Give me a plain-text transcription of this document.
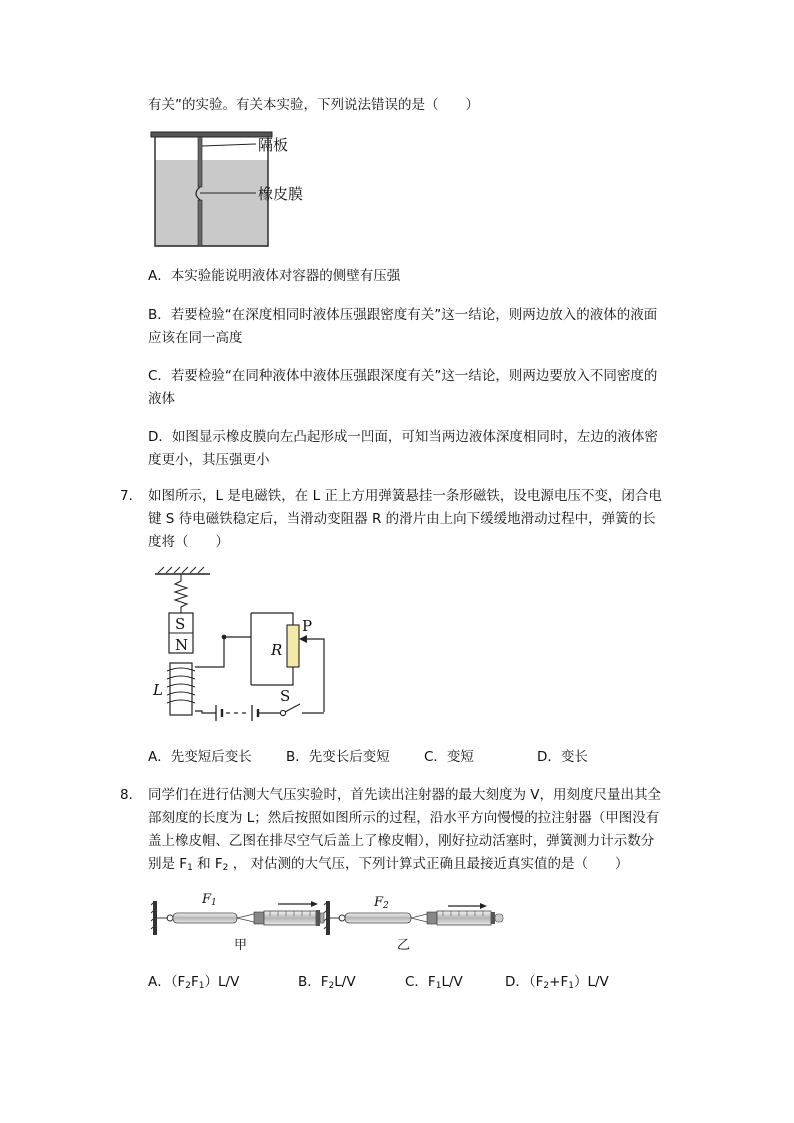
有关”的实验。有关本实验，下列说法错误的是（　　）
隔板
橡皮膜
A．本实验能说明液体对容器的侧壁有压强
B．若要检验“在深度相同时液体压强跟密度有关”这一结论，则两边放入的液体的液面
应该在同一高度
C．若要检验“在同种液体中液体压强跟深度有关”这一结论，则两边要放入不同密度的
液体
D．如图显示橡皮膜向左凸起形成一凹面，可知当两边液体深度相同时，左边的液体密
度更小，其压强更小
7． 如图所示，L 是电磁铁，在 L 正上方用弹簧悬挂一条形磁铁，设电源电压不变，闭合电
键 S 待电磁铁稳定后，当滑动变阻器 R 的滑片由上向下缓缓地滑动过程中，弹簧的长
度将（　　）
S
N
L
R
P
S
A．先变短后变长	B．先变长后变短	C．变短	D．变长
8． 同学们在进行估测大气压实验时，首先读出注射器的最大刻度为 V，用刻度尺量出其全
部刻度的长度为 L；然后按照如图所示的过程，沿水平方向慢慢的拉注射器（甲图没有
盖上橡皮帽、乙图在排尽空气后盖上了橡皮帽），刚好拉动活塞时，弹簧测力计示数分
别是 $F_1$ 和 $F_2$ ， 对估测的大气压，下列计算式正确且最接近真实值的是（　　）
F1
甲
F2
乙
A．$(F_2F_1)L/V$	B．$F_2L/V$	C．$F_1L/V$	D．$(F_2+F_1)L/V$
